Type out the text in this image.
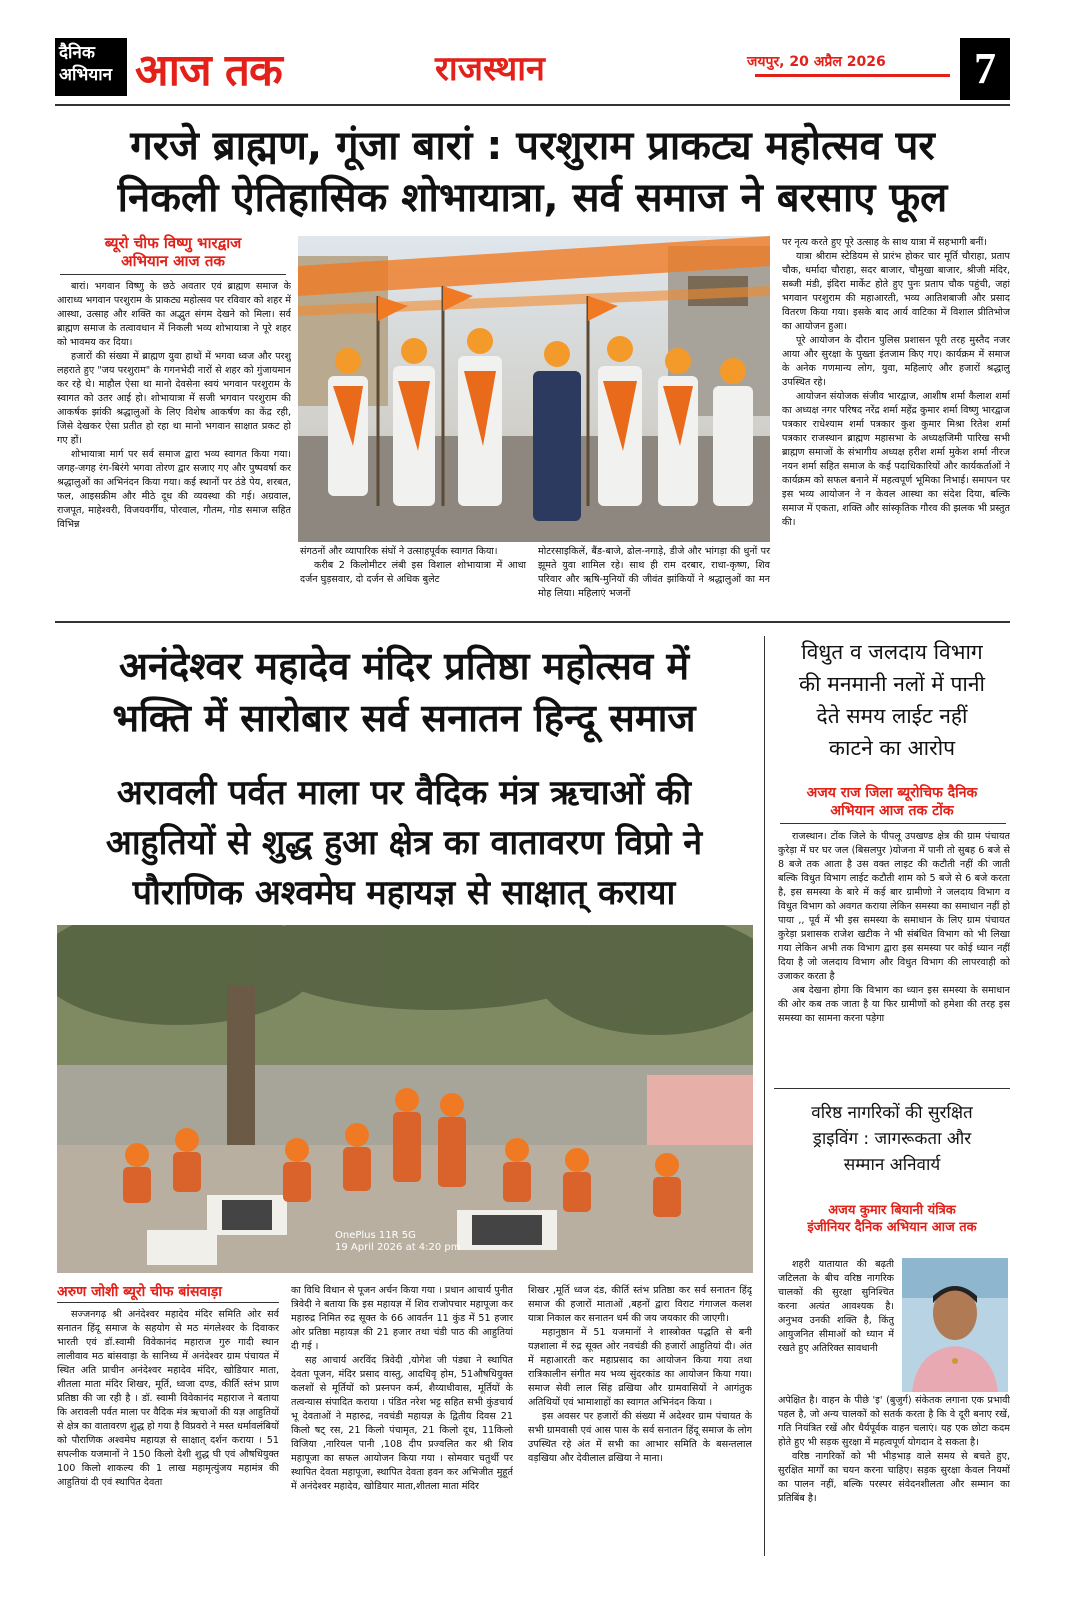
दैनिक
अभियान आज तक	राजस्थान	जयपुर, 20 अप्रैल 2026	7
गरजे ब्राह्मण, गूंजा बारां : परशुराम प्राकट्य महोत्सव पर
निकली ऐतिहासिक शोभायात्रा, सर्व समाज ने बरसाए फूल
ब्यूरो चीफ विष्णु भारद्वाज
अभियान आज तक

बारां। भगवान विष्णु के छठे अवतार एवं ब्राह्मण समाज के आराध्य भगवान परशुराम के प्राकट्य महोत्सव पर रविवार को शहर में आस्था, उत्साह और शक्ति का अद्भुत संगम देखने को मिला। सर्व ब्राह्मण समाज के तत्वावधान में निकली भव्य शोभायात्रा ने पूरे शहर को भावमय कर दिया।

हजारों की संख्या में ब्राह्मण युवा हाथों में भगवा ध्वज और परशु लहराते हुए "जय परशुराम" के गगनभेदी नारों से शहर को गुंजायमान कर रहे थे। माहौल ऐसा था मानो देवसेना स्वयं भगवान परशुराम के स्वागत को उतर आई हो। शोभायात्रा में सजी भगवान परशुराम की आकर्षक झांकी श्रद्धालुओं के लिए विशेष आकर्षण का केंद्र रही, जिसे देखकर ऐसा प्रतीत हो रहा था मानो भगवान साक्षात प्रकट हो गए हों।

शोभायात्रा मार्ग पर सर्व समाज द्वारा भव्य स्वागत किया गया। जगह-जगह रंग-बिरंगे भगवा तोरण द्वार सजाए गए और पुष्पवर्षा कर श्रद्धालुओं का अभिनंदन किया गया। कई स्थानों पर ठंडे पेय, शरबत, फल, आइसक्रीम और मीठे दूध की व्यवस्था की गई। अग्रवाल, राजपूत, माहेश्वरी, विजयवर्गीय, पोरवाल, गौतम, गोड समाज सहित विभिन्न

संगठनों और व्यापारिक संघों ने उत्साहपूर्वक स्वागत किया।

करीब 2 किलोमीटर लंबी इस विशाल शोभायात्रा में आधा दर्जन घुड़सवार, दो दर्जन से अधिक बुलेट

मोटरसाइकिलें, बैंड-बाजे, ढोल-नगाड़े, डीजे और भांगड़ा की धुनों पर झूमते युवा शामिल रहे। साथ ही राम दरबार, राधा-कृष्ण, शिव परिवार और ऋषि-मुनियों की जीवंत झांकियों ने श्रद्धालुओं का मन मोह लिया। महिलाएं भजनों

पर नृत्य करते हुए पूरे उत्साह के साथ यात्रा में सहभागी बनीं।

यात्रा श्रीराम स्टेडियम से प्रारंभ होकर चार मूर्ति चौराहा, प्रताप चौक, धर्मादा चौराहा, सदर बाजार, चौमुखा बाजार, श्रीजी मंदिर, सब्जी मंडी, इंदिरा मार्केट होते हुए पुनः प्रताप चौक पहुंची, जहां भगवान परशुराम की महाआरती, भव्य आतिशबाजी और प्रसाद वितरण किया गया। इसके बाद आर्य वाटिका में विशाल प्रीतिभोज का आयोजन हुआ।

पूरे आयोजन के दौरान पुलिस प्रशासन पूरी तरह मुस्तैद नजर आया और सुरक्षा के पुख्ता इंतजाम किए गए। कार्यक्रम में समाज के अनेक गणमान्य लोग, युवा, महिलाएं और हजारों श्रद्धालु उपस्थित रहे।

आयोजन संयोजक संजीव भारद्वाज, आशीष शर्मा कैलाश शर्मा का अध्यक्ष नगर परिषद नरेंद्र शर्मा महेंद्र कुमार शर्मा विष्णु भारद्वाज पत्रकार राधेश्याम शर्मा पत्रकार कुश कुमार मिश्रा रितेश शर्मा पत्रकार राजस्थान ब्राह्मण महासभा के अध्यक्षजिमी पारिख सभी ब्राह्मण समाजों के संभागीय अध्यक्ष हरीश शर्मा मुकेश शर्मा नीरज नयन शर्मा सहित समाज के कई पदाधिकारियों और कार्यकर्ताओं ने कार्यक्रम को सफल बनाने में महत्वपूर्ण भूमिका निभाई। समापन पर इस भव्य आयोजन ने न केवल आस्था का संदेश दिया, बल्कि समाज में एकता, शक्ति और सांस्कृतिक गौरव की झलक भी प्रस्तुत की।

अनंदेश्वर महादेव मंदिर प्रतिष्ठा महोत्सव में
भक्ति में सारोबार सर्व सनातन हिन्दू समाज
अरावली पर्वत माला पर वैदिक मंत्र ऋचाओं की
आहुतियों से शुद्ध हुआ क्षेत्र का वातावरण विप्रो ने
पौराणिक अश्वमेघ महायज्ञ से साक्षात् कराया
OnePlus 11R 5G
19 April 2026 at 4:20 pm
अरुण जोशी ब्यूरो चीफ बांसवाड़ा

सज्जनगढ़ श्री अनंदेश्वर महादेव मंदिर समिति ओर सर्व सनातन हिंदू समाज के सहयोग से मठ मंगलेश्वर के दिवाकर भारती एवं डॉ.स्वामी विवेकानंद महाराज गुरु गादी स्थान लालीवाव मठ बांसवाड़ा के सानिध्य में अनंदेश्वर ग्राम पंचायत में स्थित अति प्राचीन अनंदेश्वर महादेव मंदिर, खोडियार माता, शीतला माता मंदिर शिखर, मूर्ति, ध्वजा दण्ड, कीर्ति स्तंभ प्राण प्रतिष्ठा की जा रही है । डॉ. स्वामी विवेकानंद महाराज ने बताया कि अरावली पर्वत माला पर वैदिक मंत्र ऋचाओं की यज्ञ आहुतियों से क्षेत्र का वातावरण शुद्ध हो गया है विप्रवरो ने मस्त धर्मावलंबियों को पौराणिक अश्वमेघ महायज्ञ से साक्षात् दर्शन कराया । 51 सपत्नीक यजमानों ने 150 किलो देशी शुद्ध घी एवं औषधियुक्त 100 किलो शाकल्य की 1 लाख महामृत्युंजय महामंत्र की आहुतियां दी एवं स्थापित देवता

का विधि विधान से पूजन अर्चन किया गया । प्रधान आचार्य पुनीत त्रिवेदी ने बताया कि इस महायज्ञ में शिव राजोपचार महापूजा कर महारुद्र निमित रुद्र सूक्त के 66 आवर्तन 11 कुंड में 51 हजार ओर प्रतिष्ठा महायज्ञ की 21 हजार तथा चंडी पाठ की आहुतियां दी गई ।

सह आचार्य अरविंद त्रिवेदी ,योगेश जी पंड्या ने स्थापित देवता पूजन, मंदिर प्रसाद वास्तु, आदधिवृ होम, 51औषधियुक्त कलशों से मूर्तियों को प्रस्नपन कर्म, शैय्याधीवास, मूर्तियों के तत्वन्यास संपादित कराया । पंडित नरेश भट्ट सहित सभी कुंडचार्य भू देवताओं ने महारुद्र, नवचंडी महायज्ञ के द्वितीय दिवस 21 किलो षट् रस, 21 किलो पंचामृत, 21 किलो दूध, 11किलो विजिया ,नारियल पानी ,108 दीप प्रज्वलित कर श्री शिव महापूजा का सफल आयोजन किया गया । सोमवार चतुर्थी पर स्थापित देवता महापूजा, स्थापित देवता हवन कर अभिजीत मुहूर्त में अनंदेश्वर महादेव, खोडियार माता,शीतला माता मंदिर

शिखर ,मूर्ति ध्वज दंड, कीर्ति स्तंभ प्रतिष्ठा कर सर्व सनातन हिंदू समाज की हजारों माताओं ,बहनों द्वारा विराट गंगाजल कलश यात्रा निकाल कर सनातन धर्म की जय जयकार की जाएगी।

महानुष्ठान में 51 यजमानों ने शास्त्रोक्त पद्धति से बनी यज्ञशाला में रुद्र सूक्त ओर नवचंडी की हजारों आहुतियां दी। अंत में महाआरती कर महाप्रसाद का आयोजन किया गया तथा रात्रिकालीन संगीत मय भव्य सुंदरकांड का आयोजन किया गया। समाज सेवी लाल सिंह व्रखिया और ग्रामवासियों ने आगंतुक अतिथियों एवं भामाशाहों का स्वागत अभिनंदन किया ।

इस अवसर पर हजारों की संख्या में अदेश्वर ग्राम पंचायत के सभी ग्रामवासी एवं आस पास के सर्व सनातन हिंदू समाज के लोग उपस्थित रहे अंत में सभी का आभार समिति के बसन्तलाल वड़खिया और देवीलाल व्रखिया ने माना।

विधुत व जलदाय विभाग
की मनमानी नलों में पानी
देते समय लाईट नहीं
काटने का आरोप
अजय राज जिला ब्यूरोचिफ दैनिक
अभियान आज तक टोंक

राजस्थान। टोंक जिले के पीपलू उपखण्ड क्षेत्र की ग्राम पंचायत कुरेड़ा में घर घर जल (बिसलपुर )योजना में पानी तो सुबह 6 बजे से 8 बजे तक आता है उस वक्त लाइट की कटौती नहीं की जाती बल्कि विधुत विभाग लाईट कटौती शाम को 5 बजे से 6 बजे करता है, इस समस्या के बारे में कई बार ग्रामीणो ने जलदाय विभाग व विधुत विभाग को अवगत कराया लेकिन समस्या का समाधान नहीं हो पाया ,, पूर्व में भी इस समस्या के समाधान के लिए ग्राम पंचायत कुरेड़ा प्रशासक राजेश खटीक ने भी संबंधित विभाग को भी लिखा गया लेकिन अभी तक विभाग द्वारा इस समस्या पर कोई ध्यान नहीं दिया है जो जलदाय विभाग और विधुत विभाग की लापरवाही को उजाकर करता है

अब देखना होगा कि विभाग का ध्यान इस समस्या के समाधान की ओर कब तक जाता है या फिर ग्रामीणों को हमेशा की तरह इस समस्या का सामना करना पड़ेगा

वरिष्ठ नागरिकों की सुरक्षित
ड्राइविंग : जागरूकता और
सम्मान अनिवार्य
अजय कुमार बियानी यंत्रिक
इंजीनियर दैनिक अभियान आज तक

शहरी यातायात की बढ़ती जटिलता के बीच वरिष्ठ नागरिक चालकों की सुरक्षा सुनिश्चित करना अत्यंत आवश्यक है। अनुभव उनकी शक्ति है, किंतु आयुजनित सीमाओं को ध्यान में रखते हुए अतिरिक्त सावधानी

अपेक्षित है। वाहन के पीछे 'इ' (बुजुर्ग) संकेतक लगाना एक प्रभावी पहल है, जो अन्य चालकों को सतर्क करता है कि वे दूरी बनाए रखें, गति नियंत्रित रखें और धैर्यपूर्वक वाहन चलाएं। यह एक छोटा कदम होते हुए भी सड़क सुरक्षा में महत्वपूर्ण योगदान दे सकता है।

वरिष्ठ नागरिकों को भी भीड़भाड़ वाले समय से बचते हुए, सुरक्षित मार्गों का चयन करना चाहिए। सड़क सुरक्षा केवल नियमों का पालन नहीं, बल्कि परस्पर संवेदनशीलता और सम्मान का प्रतिबिंब है।
